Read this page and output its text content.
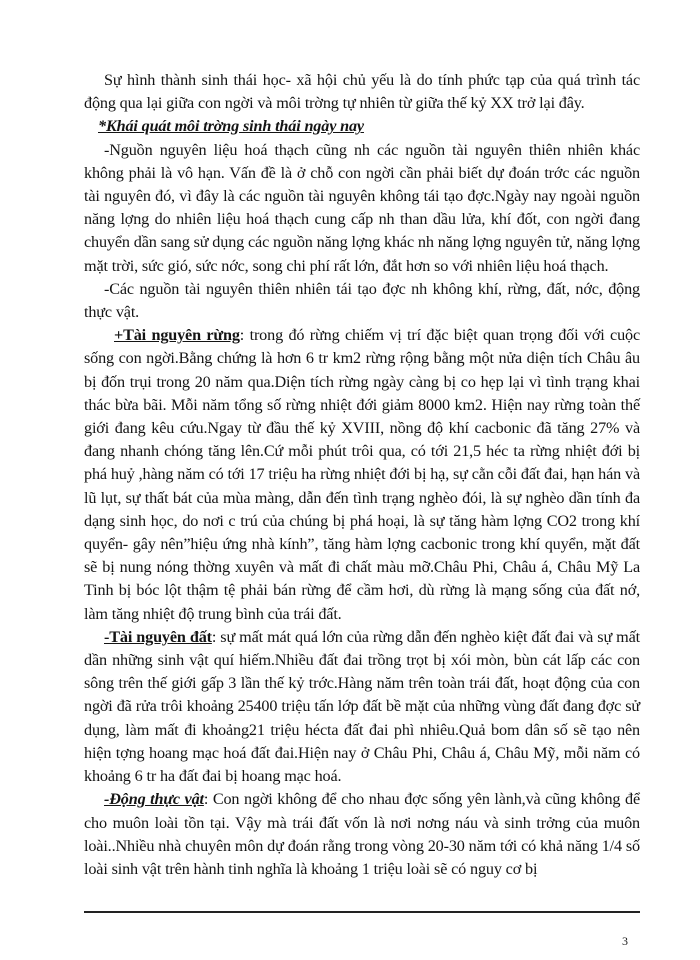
Sự hình thành sinh thái học- xã hội chủ yếu là do tính phức tạp của quá trình tác động qua lại giữa con ngời và môi trờng tự nhiên từ giữa thế kỷ XX trở lại đây.

*Khái quát môi trờng sinh thái ngày nay

-Nguồn nguyên liệu hoá thạch cũng nh các nguồn tài nguyên thiên nhiên khác không phải là vô hạn. Vấn đề là ở chỗ con ngời cần phải biết dự đoán trớc các nguồn tài nguyên đó, vì đây là các nguồn tài nguyên không tái tạo đợc.Ngày nay ngoài nguồn năng lợng do nhiên liệu hoá thạch cung cấp nh than dầu lửa, khí đốt, con ngời đang chuyển dần sang sử dụng các nguồn năng lợng khác nh năng lợng nguyên tử, năng lợng mặt trời, sức gió, sức nớc, song chi phí rất lớn, đắt hơn so với nhiên liệu hoá thạch.

-Các nguồn tài nguyên thiên nhiên tái tạo đợc nh không khí, rừng, đất, nớc, động thực vật.

+Tài nguyên rừng: trong đó rừng chiếm vị trí đặc biệt quan trọng đối với cuộc sống con ngời.Bằng chứng là hơn 6 tr km2 rừng rộng bằng một nửa diện tích Châu âu bị đốn trụi trong 20 năm qua.Diện tích rừng ngày càng bị co hẹp lại vì tình trạng khai thác bừa bãi. Mỗi năm tổng số rừng nhiệt đới giảm 8000 km2. Hiện nay rừng toàn thế giới đang kêu cứu.Ngay từ đầu thế kỷ XVIII, nồng độ khí cacbonic đã tăng 27% và đang nhanh chóng tăng lên.Cứ mỗi phút trôi qua, có tới 21,5 héc ta rừng nhiệt đới bị phá huỷ ,hàng năm có tới 17 triệu ha rừng nhiệt đới bị hạ, sự cằn cỗi đất đai, hạn hán và lũ lụt, sự thất bát của mùa màng, dẫn đến tình trạng nghèo đói, là sự nghèo dần tính đa dạng sinh học, do nơi c trú của chúng bị phá hoại, là sự tăng hàm lợng CO2 trong khí quyển- gây nên”hiệu ứng nhà kính”, tăng hàm lợng cacbonic trong khí quyển, mặt đất sẽ bị nung nóng thờng xuyên và mất đi chất màu mỡ.Châu Phi, Châu á, Châu Mỹ La Tinh bị bóc lột thậm tệ phải bán rừng để cầm hơi, dù rừng là mạng sống của đất nớ, làm tăng nhiệt độ trung bình của trái đất.

-Tài nguyên đất: sự mất mát quá lớn của rừng dẫn đến nghèo kiệt đất đai và sự mất dần những sinh vật quí hiếm.Nhiều đất đai trồng trọt bị xói mòn, bùn cát lấp các con sông trên thế giới gấp 3 lần thế kỷ trớc.Hàng năm trên toàn trái đất, hoạt động của con ngời đã rửa trôi khoảng 25400 triệu tấn lớp đất bề mặt của những vùng đất đang đợc sử dụng, làm mất đi khoảng21 triệu hécta đất đai phì nhiêu.Quả bom dân số sẽ tạo nên hiện tợng hoang mạc hoá đất đai.Hiện nay ở Châu Phi, Châu á, Châu Mỹ, mỗi năm có khoảng 6 tr ha đất đai bị hoang mạc hoá.

-Động thực vật: Con ngời không để cho nhau đợc sống yên lành,và cũng không để cho muôn loài tồn tại. Vậy mà trái đất vốn là nơi nơng náu và sinh trởng của muôn loài..Nhiều nhà chuyên môn dự đoán rằng trong vòng 20-30 năm tới có khả năng 1/4 số loài sinh vật trên hành tinh nghĩa là khoảng 1 triệu loài sẽ có nguy cơ bị

3
